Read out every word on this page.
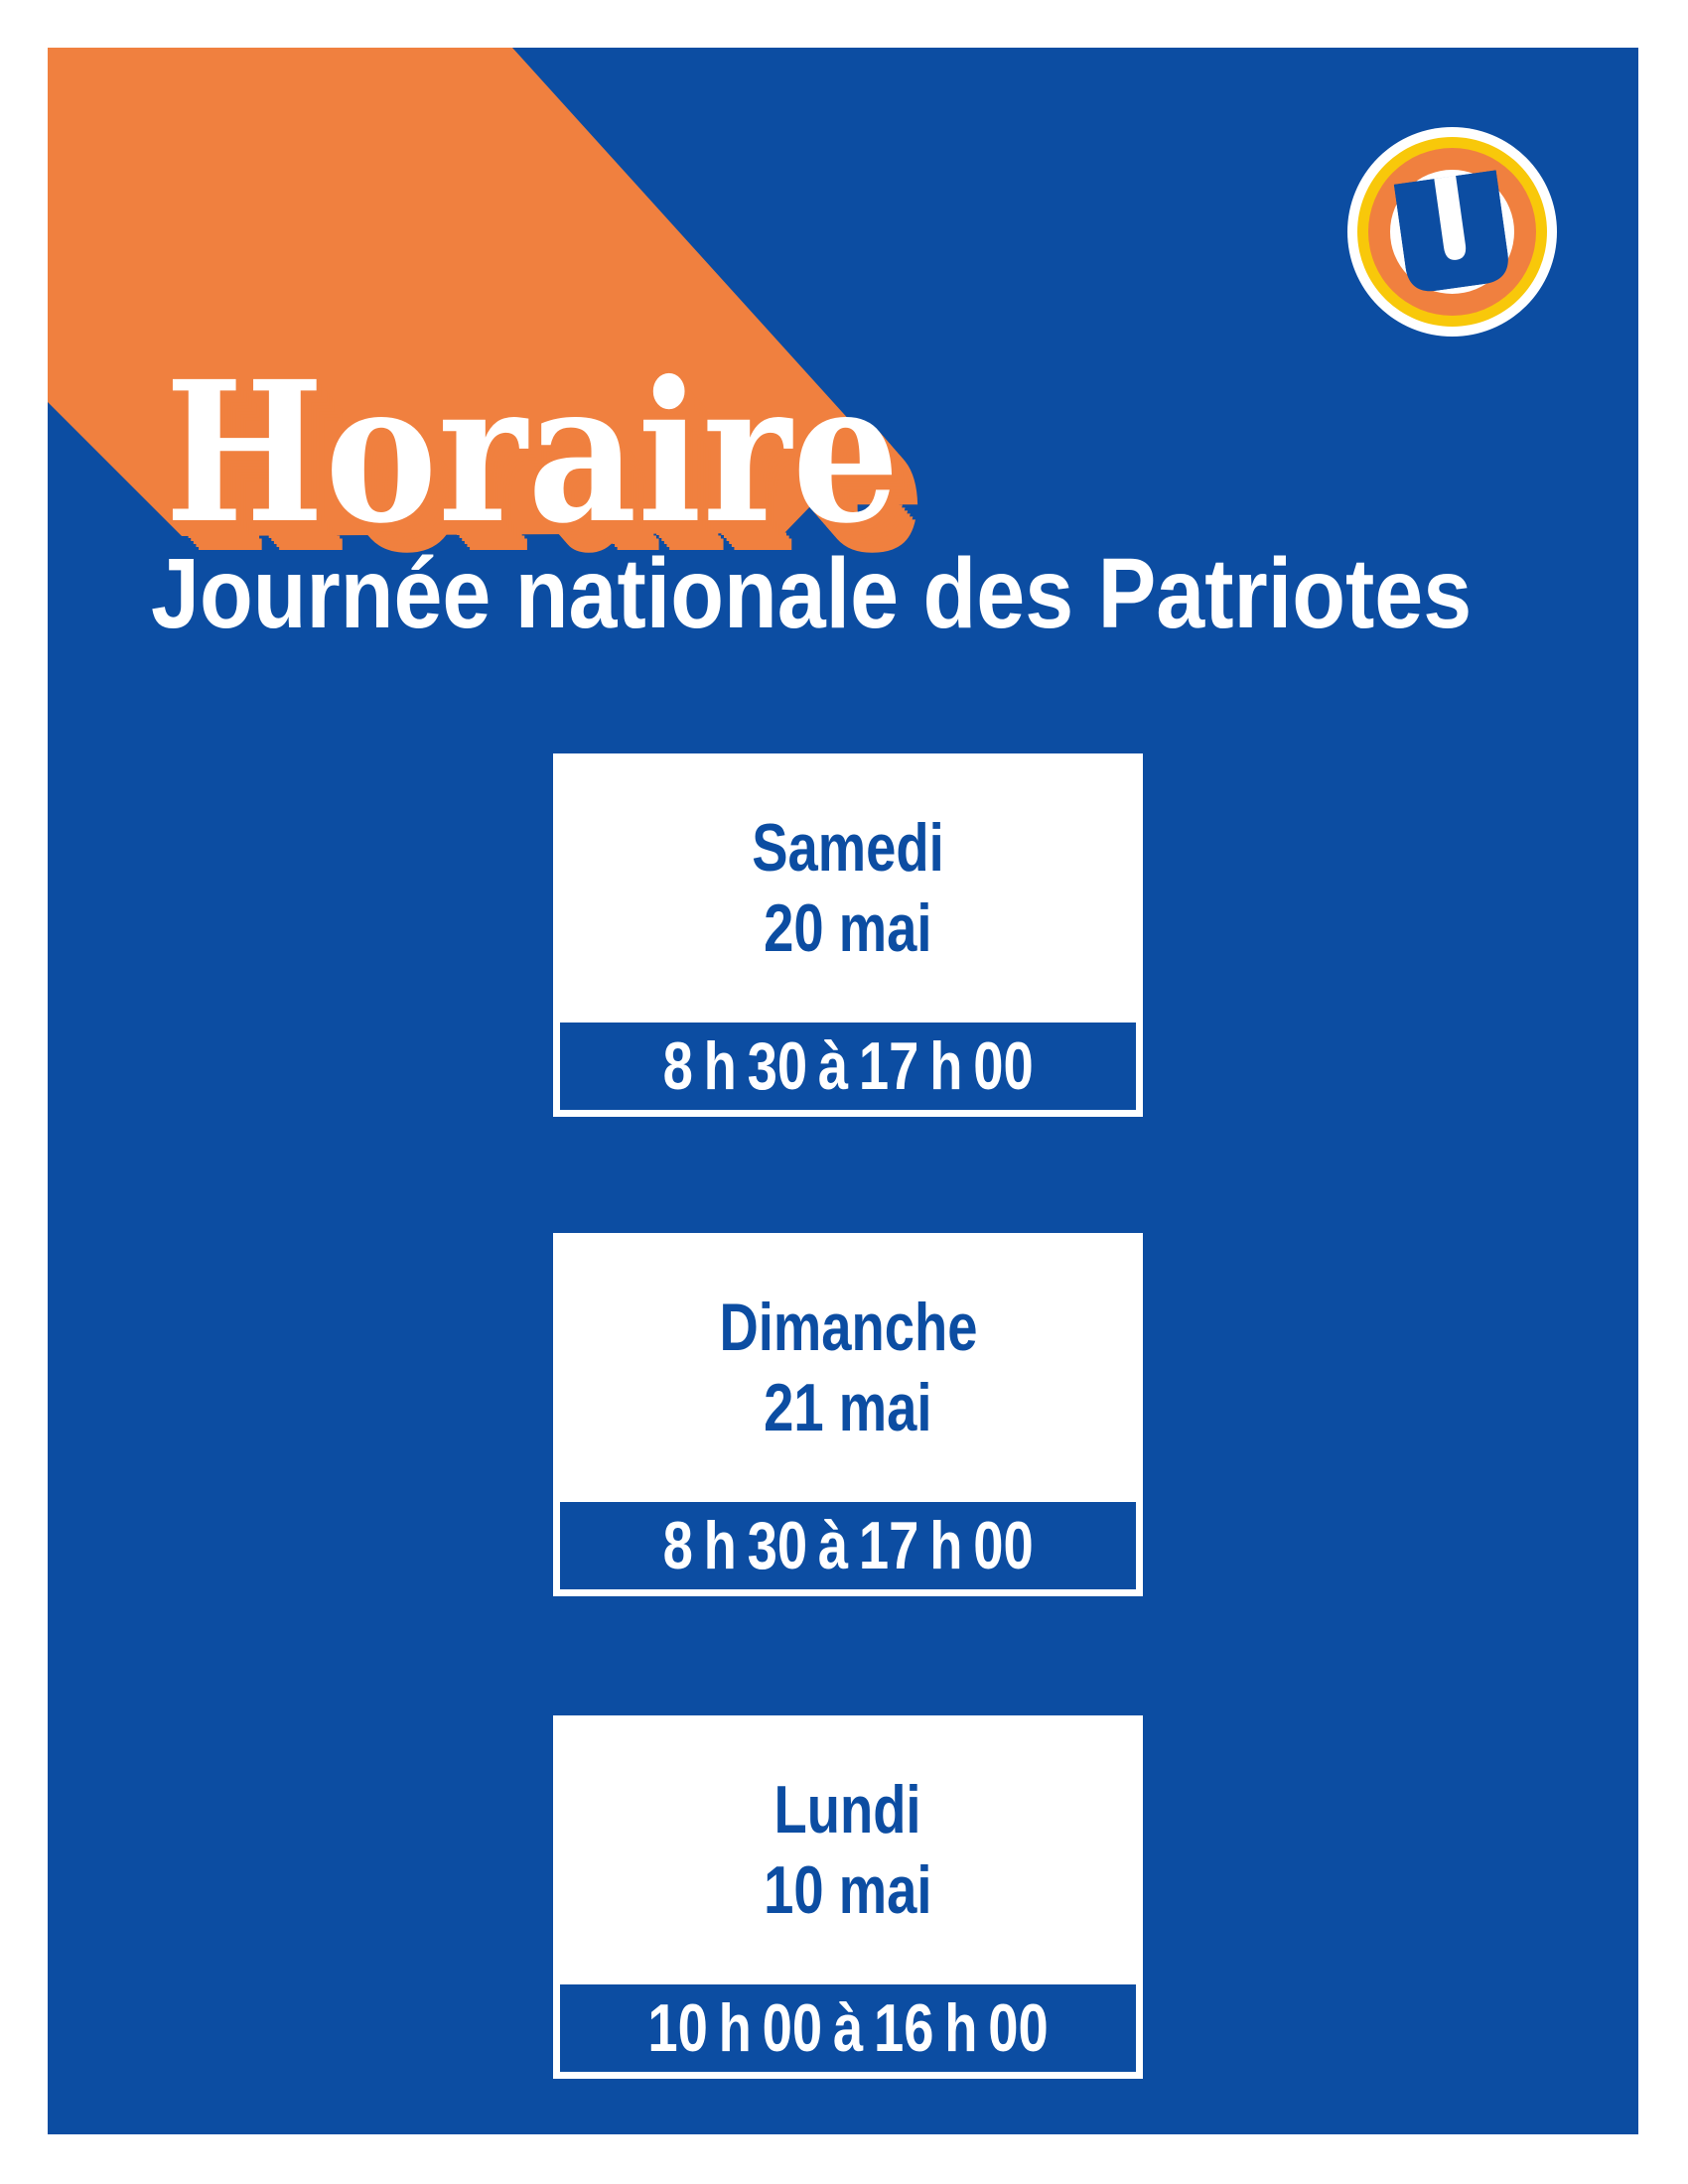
Horaire
Journée nationale des Patriotes
Samedi
20 mai
8 h 30 à 17 h 00
Dimanche
21 mai
8 h 30 à 17 h 00
Lundi
10 mai
10 h 00 à 16 h 00
